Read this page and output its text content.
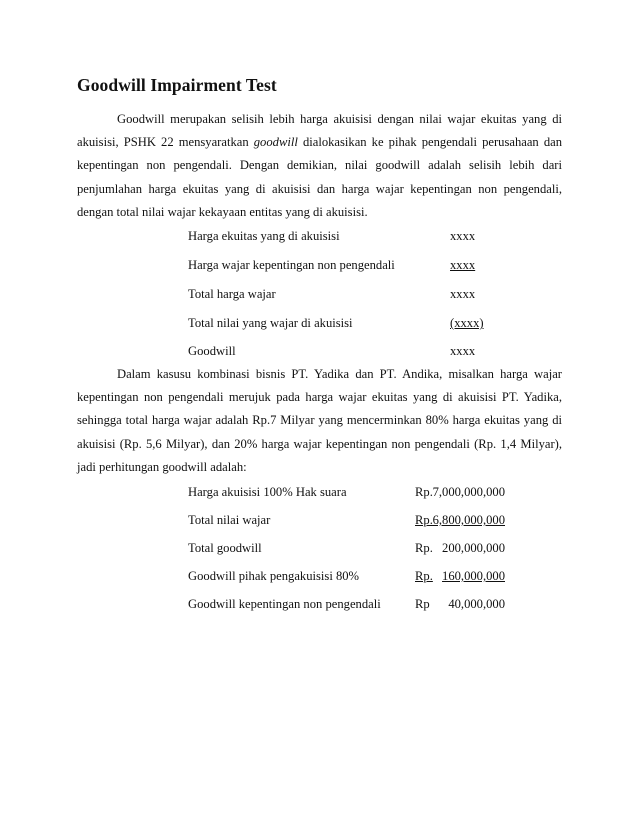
Goodwill Impairment Test

Goodwill merupakan selisih lebih harga akuisisi dengan nilai wajar ekuitas yang di akuisisi, PSHK 22 mensyaratkan goodwill dialokasikan ke pihak pengendali perusahaan dan kepentingan non pengendali. Dengan demikian, nilai goodwill adalah selisih lebih dari penjumlahan harga ekuitas yang di akuisisi dan harga wajar kepentingan non pengendali, dengan total nilai wajar kekayaan entitas yang di akuisisi.

Harga ekuitas yang di akuisisi	xxxx
Harga wajar kepentingan non pengendali	xxxx
Total harga wajar	xxxx
Total nilai yang wajar di akuisisi	(xxxx)
Goodwill	xxxx

Dalam kasusu kombinasi bisnis PT. Yadika dan PT. Andika, misalkan harga wajar kepentingan non pengendali merujuk pada harga wajar ekuitas yang di akuisisi PT. Yadika, sehingga total harga wajar adalah Rp.7 Milyar yang mencerminkan 80% harga ekuitas yang di akuisisi (Rp. 5,6 Milyar), dan 20% harga wajar kepentingan non pengendali (Rp. 1,4 Milyar), jadi perhitungan goodwill adalah:

Harga akuisisi 100% Hak suara	Rp. 7,000,000,000
Total nilai wajar	Rp. 6,800,000,000
Total goodwill	Rp. 200,000,000
Goodwill pihak pengakuisisi 80%	Rp. 160,000,000
Goodwill kepentingan non pengendali	Rp 40,000,000
